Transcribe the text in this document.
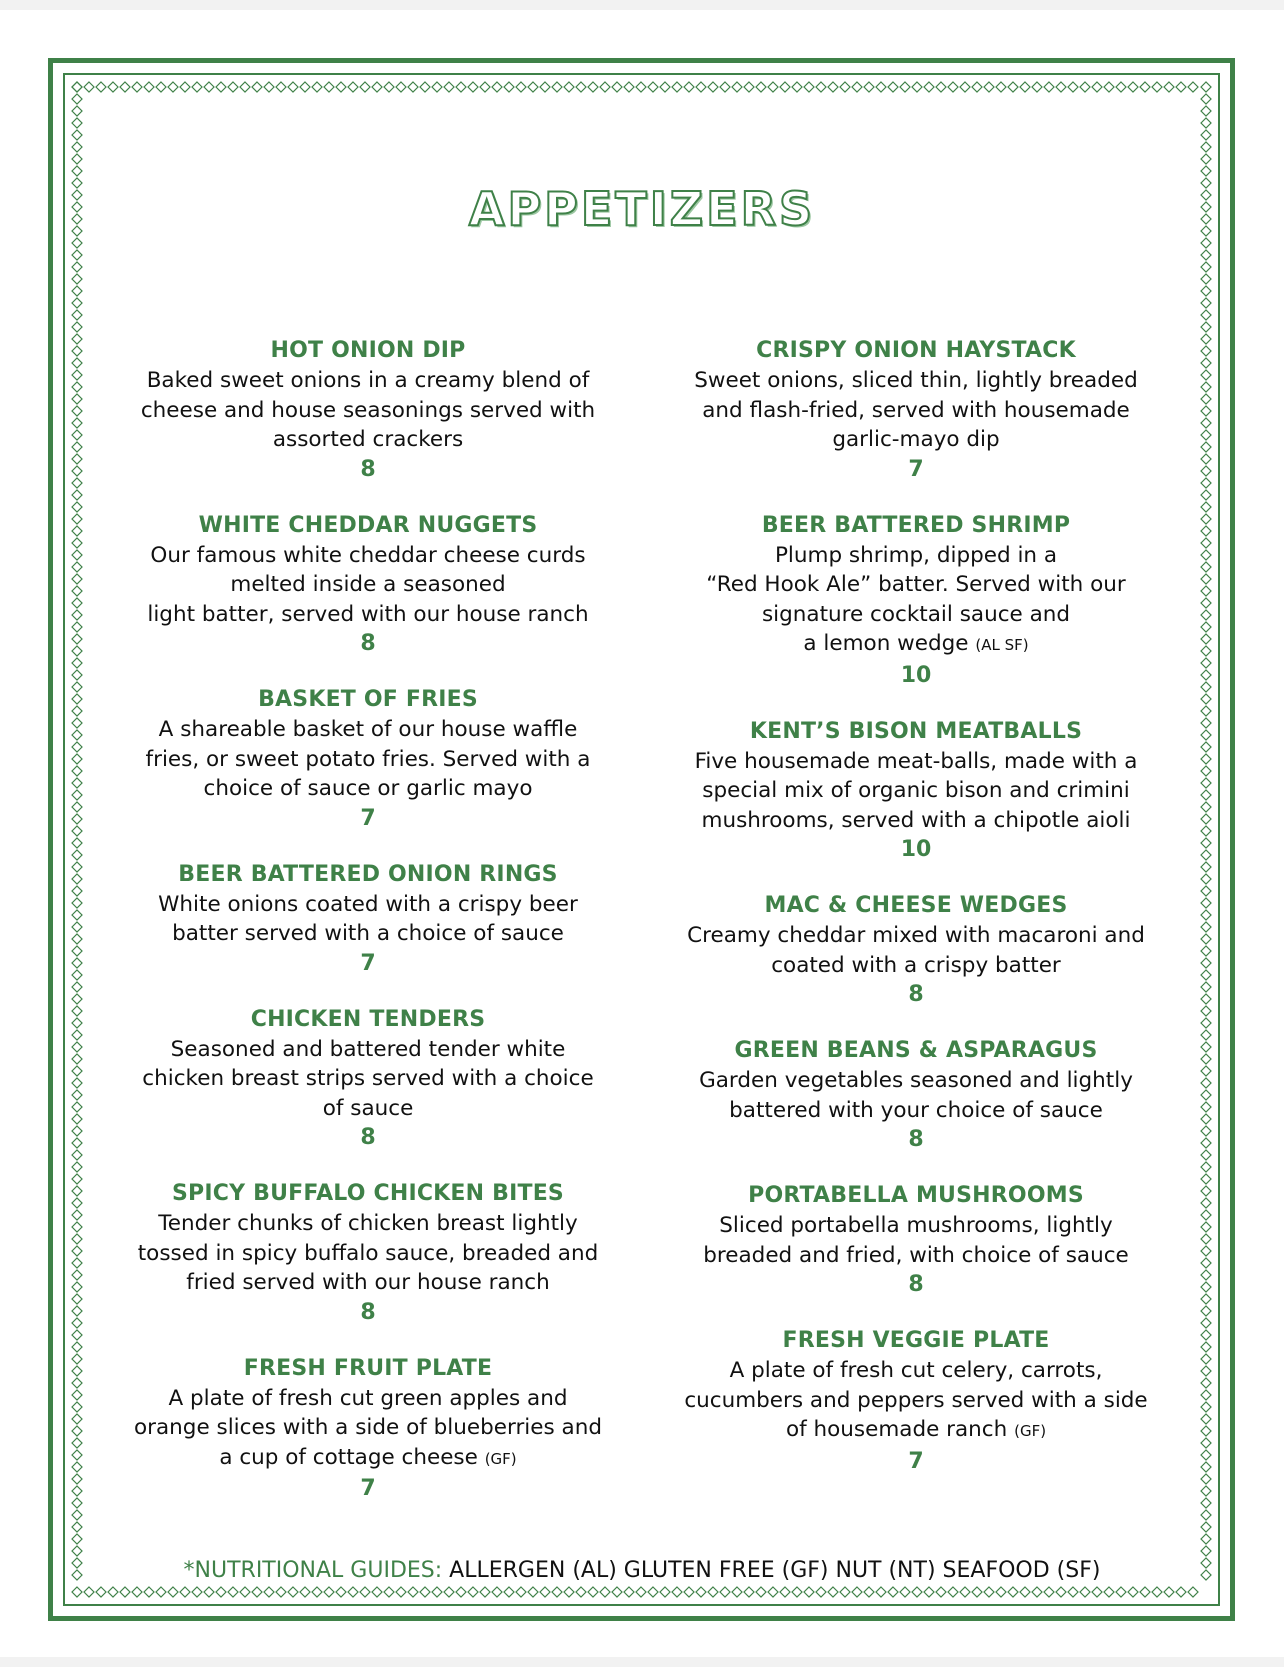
APPETIZERS
HOT ONION DIP
Baked sweet onions in a creamy blend of
cheese and house seasonings served with
assorted crackers
8
WHITE CHEDDAR NUGGETS
Our famous white cheddar cheese curds
melted inside a seasoned
light batter, served with our house ranch
8
BASKET OF FRIES
A shareable basket of our house waffle
fries, or sweet potato fries. Served with a
choice of sauce or garlic mayo
7
BEER BATTERED ONION RINGS
White onions coated with a crispy beer
batter served with a choice of sauce
7
CHICKEN TENDERS
Seasoned and battered tender white
chicken breast strips served with a choice
of sauce
8
SPICY BUFFALO CHICKEN BITES
Tender chunks of chicken breast lightly
tossed in spicy buffalo sauce, breaded and
fried served with our house ranch
8
FRESH FRUIT PLATE
A plate of fresh cut green apples and
orange slices with a side of blueberries and
a cup of cottage cheese (GF)
7
CRISPY ONION HAYSTACK
Sweet onions, sliced thin, lightly breaded
and flash-fried, served with housemade
garlic-mayo dip
7
BEER BATTERED SHRIMP
Plump shrimp, dipped in a
“Red Hook Ale” batter. Served with our
signature cocktail sauce and
a lemon wedge (AL SF)
10
KENT’S BISON MEATBALLS
Five housemade meat-balls, made with a
special mix of organic bison and crimini
mushrooms, served with a chipotle aioli
10
MAC & CHEESE WEDGES
Creamy cheddar mixed with macaroni and
coated with a crispy batter
8
GREEN BEANS & ASPARAGUS
Garden vegetables seasoned and lightly
battered with your choice of sauce
8
PORTABELLA MUSHROOMS
Sliced portabella mushrooms, lightly
breaded and fried, with choice of sauce
8
FRESH VEGGIE PLATE
A plate of fresh cut celery, carrots,
cucumbers and peppers served with a side
of housemade ranch (GF)
7
*NUTRITIONAL GUIDES: ALLERGEN (AL) GLUTEN FREE (GF) NUT (NT) SEAFOOD (SF)
